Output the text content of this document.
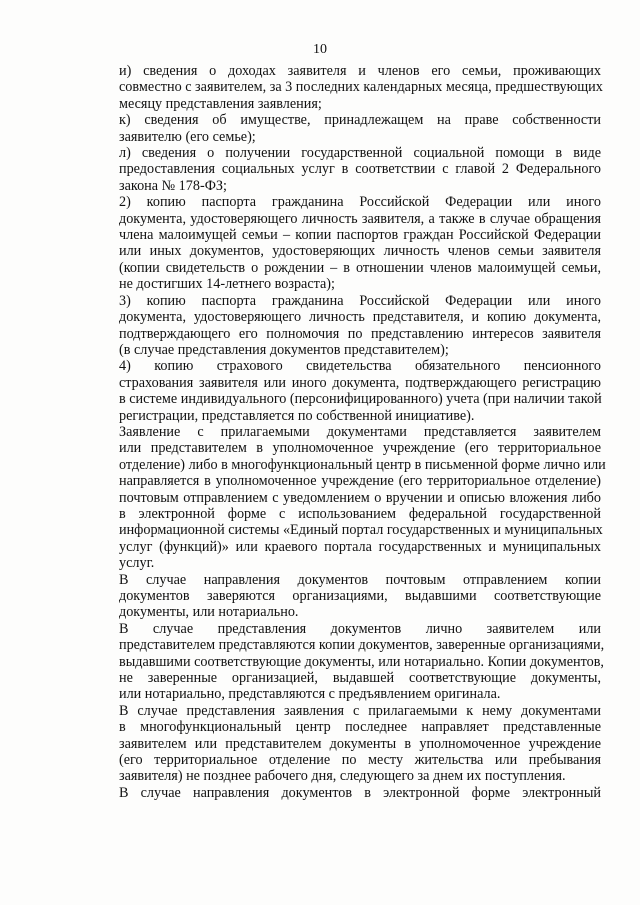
10
и) сведения о доходах заявителя и членов его семьи, проживающих
совместно с заявителем, за 3 последних календарных месяца, предшествующих
месяцу представления заявления;
к) сведения об имуществе, принадлежащем на праве собственности
заявителю (его семье);
л) сведения о получении государственной социальной помощи в виде
предоставления социальных услуг в соответствии с главой 2 Федерального
закона № 178-ФЗ;
2) копию паспорта гражданина Российской Федерации или иного
документа, удостоверяющего личность заявителя, а также в случае обращения
члена малоимущей семьи – копии паспортов граждан Российской Федерации
или иных документов, удостоверяющих личность членов семьи заявителя
(копии свидетельств о рождении – в отношении членов малоимущей семьи,
не достигших 14-летнего возраста);
3) копию паспорта гражданина Российской Федерации или иного
документа, удостоверяющего личность представителя, и копию документа,
подтверждающего его полномочия по представлению интересов заявителя
(в случае представления документов представителем);
4) копию страхового свидетельства обязательного пенсионного
страхования заявителя или иного документа, подтверждающего регистрацию
в системе индивидуального (персонифицированного) учета (при наличии такой
регистрации, представляется по собственной инициативе).
Заявление с прилагаемыми документами представляется заявителем
или представителем в уполномоченное учреждение (его территориальное
отделение) либо в многофункциональный центр в письменной форме лично или
направляется в уполномоченное учреждение (его территориальное отделение)
почтовым отправлением с уведомлением о вручении и описью вложения либо
в электронной форме с использованием федеральной государственной
информационной системы «Единый портал государственных и муниципальных
услуг (функций)» или краевого портала государственных и муниципальных
услуг.
В случае направления документов почтовым отправлением копии
документов заверяются организациями, выдавшими соответствующие
документы, или нотариально.
В случае представления документов лично заявителем или
представителем представляются копии документов, заверенные организациями,
выдавшими соответствующие документы, или нотариально. Копии документов,
не заверенные организацией, выдавшей соответствующие документы,
или нотариально, представляются с предъявлением оригинала.
В случае представления заявления с прилагаемыми к нему документами
в многофункциональный центр последнее направляет представленные
заявителем или представителем документы в уполномоченное учреждение
(его территориальное отделение по месту жительства или пребывания
заявителя) не позднее рабочего дня, следующего за днем их поступления.
В случае направления документов в электронной форме электронный
